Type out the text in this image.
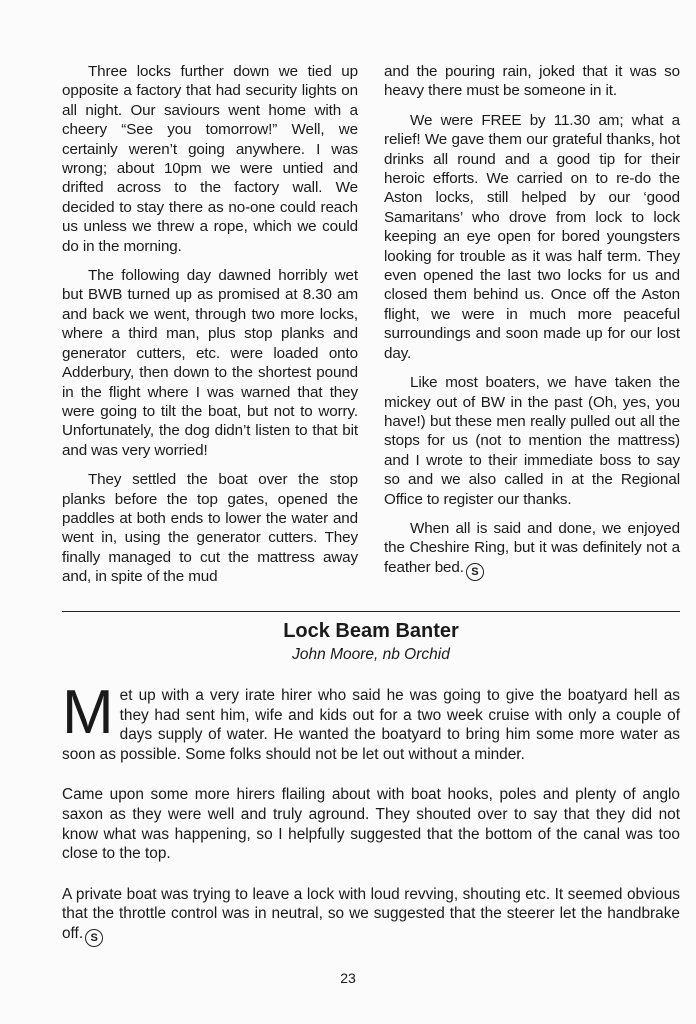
Three locks further down we tied up opposite a factory that had security lights on all night. Our saviours went home with a cheery “See you tomorrow!” Well, we certainly weren’t going anywhere. I was wrong; about 10pm we were untied and drifted across to the factory wall. We decided to stay there as no-one could reach us unless we threw a rope, which we could do in the morning.

The following day dawned horribly wet but BWB turned up as promised at 8.30 am and back we went, through two more locks, where a third man, plus stop planks and generator cutters, etc. were loaded onto Adderbury, then down to the shortest pound in the flight where I was warned that they were going to tilt the boat, but not to worry. Unfortunately, the dog didn’t listen to that bit and was very worried!

They settled the boat over the stop planks before the top gates, opened the paddles at both ends to lower the water and went in, using the generator cutters. They finally managed to cut the mattress away and, in spite of the mud

and the pouring rain, joked that it was so heavy there must be someone in it.

We were FREE by 11.30 am; what a relief! We gave them our grateful thanks, hot drinks all round and a good tip for their heroic efforts. We carried on to re-do the Aston locks, still helped by our ‘good Samaritans’ who drove from lock to lock keeping an eye open for bored youngsters looking for trouble as it was half term. They even opened the last two locks for us and closed them behind us. Once off the Aston flight, we were in much more peaceful surroundings and soon made up for our lost day.

Like most boaters, we have taken the mickey out of BW in the past (Oh, yes, you have!) but these men really pulled out all the stops for us (not to mention the mattress) and I wrote to their immediate boss to say so and we also called in at the Regional Office to register our thanks.

When all is said and done, we enjoyed the Cheshire Ring, but it was definitely not a feather bed. S

Lock Beam Banter
John Moore, nb Orchid

Met up with a very irate hirer who said he was going to give the boatyard hell as they had sent him, wife and kids out for a two week cruise with only a couple of days supply of water. He wanted the boatyard to bring him some more water as soon as possible. Some folks should not be let out without a minder.

Came upon some more hirers flailing about with boat hooks, poles and plenty of anglo saxon as they were well and truly aground. They shouted over to say that they did not know what was happening, so I helpfully suggested that the bottom of the canal was too close to the top.

A private boat was trying to leave a lock with loud revving, shouting etc. It seemed obvious that the throttle control was in neutral, so we suggested that the steerer let the handbrake off. S

23
